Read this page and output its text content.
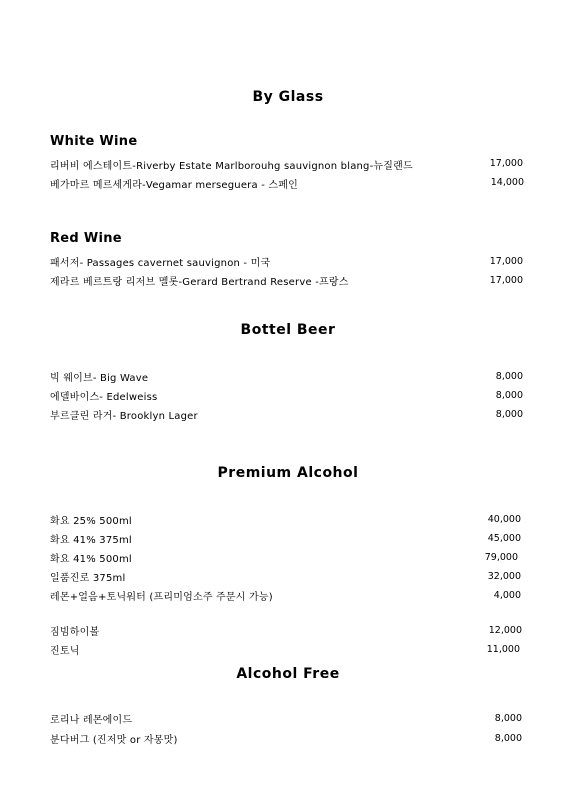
By Glass
White Wine
리버비 에스테이트-Riverby Estate Marlborouhg sauvignon blang-뉴질랜드	17,000
베가마르 메르세게라-Vegamar merseguera - 스페인	14,000
Red Wine
패서저- Passages cavernet sauvignon - 미국	17,000
제라르 베르트랑 리저브 멜롯-Gerard Bertrand Reserve -프랑스	17,000
Bottel Beer
빅 웨이브- Big Wave	8,000
에델바이스- Edelweiss	8,000
부르클린 라거- Brooklyn Lager	8,000
Premium Alcohol
화요 25% 500ml	40,000
화요 41% 375ml	45,000
화요 41% 500ml	79,000
일품진로 375ml	32,000
레몬+얼음+토닉워터 (프리미엄소주 주문시 가능)	4,000
짐빔하이볼	12,000
진토닉	11,000
Alcohol Free
로리나 레몬에이드	8,000
분다버그 (진저맛 or 자몽맛)	8,000
